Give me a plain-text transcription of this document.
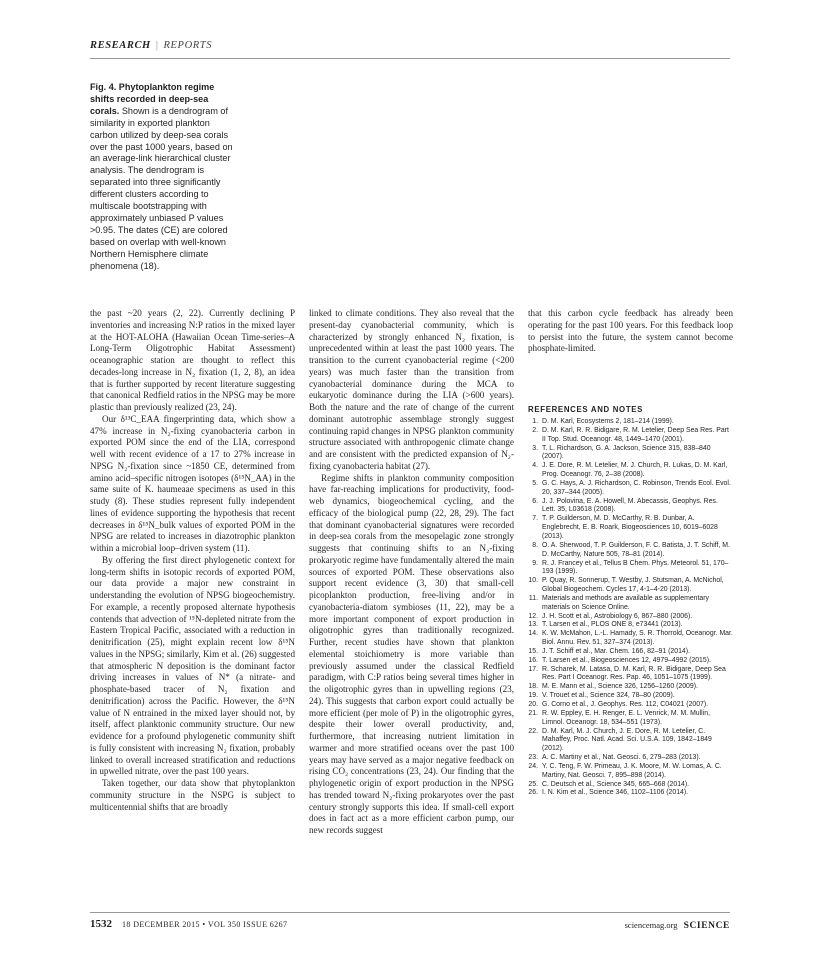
RESEARCH | REPORTS
Fig. 4. Phytoplankton regime shifts recorded in deep-sea corals. Shown is a dendrogram of similarity in exported plankton carbon utilized by deep-sea corals over the past 1000 years, based on an average-link hierarchical cluster analysis. The dendrogram is separated into three significantly different clusters according to multiscale bootstrapping with approximately unbiased P values >0.95. The dates (CE) are colored based on overlap with well-known Northern Hemisphere climate phenomena (18).

the past ~20 years (2, 22). Currently declining P inventories and increasing N:P ratios in the mixed layer at the HOT-ALOHA (Hawaiian Ocean Time-series–A Long-Term Oligotrophic Habitat Assessment) oceanographic station are thought to reflect this decades-long increase in N₂ fixation (1, 2, 8), an idea that is further supported by recent literature suggesting that canonical Redfield ratios in the NPSG may be more plastic than previously realized (23, 24).

Our δ¹³C_EAA fingerprinting data, which show a 47% increase in N₂-fixing cyanobacteria carbon in exported POM since the end of the LIA, correspond well with recent evidence of a 17 to 27% increase in NPSG N₂-fixation since ~1850 CE, determined from amino acid–specific nitrogen isotopes (δ¹⁵N_AA) in the same suite of K. haumeaae specimens as used in this study (8). These studies represent fully independent lines of evidence supporting the hypothesis that recent decreases in δ¹⁵N_bulk values of exported POM in the NPSG are related to increases in diazotrophic plankton within a microbial loop–driven system (11).

By offering the first direct phylogenetic context for long-term shifts in isotopic records of exported POM, our data provide a major new constraint in understanding the evolution of NPSG biogeochemistry. For example, a recently proposed alternate hypothesis contends that advection of ¹⁵N-depleted nitrate from the Eastern Tropical Pacific, associated with a reduction in denitrification (25), might explain recent low δ¹⁵N values in the NPSG; similarly, Kim et al. (26) suggested that atmospheric N deposition is the dominant factor driving increases in values of N* (a nitrate- and phosphate-based tracer of N₂ fixation and denitrification) across the Pacific. However, the δ¹⁵N value of N entrained in the mixed layer should not, by itself, affect planktonic community structure. Our new evidence for a profound phylogenetic community shift is fully consistent with increasing N₂ fixation, probably linked to overall increased stratification and reductions in upwelled nitrate, over the past 100 years.

Taken together, our data show that phytoplankton community structure in the NSPG is subject to multicentennial shifts that are broadly

linked to climate conditions. They also reveal that the present-day cyanobacterial community, which is characterized by strongly enhanced N₂ fixation, is unprecedented within at least the past 1000 years. The transition to the current cyanobacterial regime (<200 years) was much faster than the transition from cyanobacterial dominance during the MCA to eukaryotic dominance during the LIA (>600 years). Both the nature and the rate of change of the current dominant autotrophic assemblage strongly suggest continuing rapid changes in NPSG plankton community structure associated with anthropogenic climate change and are consistent with the predicted expansion of N₂-fixing cyanobacteria habitat (27).

Regime shifts in plankton community composition have far-reaching implications for productivity, food-web dynamics, biogeochemical cycling, and the efficacy of the biological pump (22, 28, 29). The fact that dominant cyanobacterial signatures were recorded in deep-sea corals from the mesopelagic zone strongly suggests that continuing shifts to an N₂-fixing prokaryotic regime have fundamentally altered the main sources of exported POM. These observations also support recent evidence (3, 30) that small-cell picoplankton production, free-living and/or in cyanobacteria-diatom symbioses (11, 22), may be a more important component of export production in oligotrophic gyres than traditionally recognized. Further, recent studies have shown that plankton elemental stoichiometry is more variable than previously assumed under the classical Redfield paradigm, with C:P ratios being several times higher in the oligotrophic gyres than in upwelling regions (23, 24). This suggests that carbon export could actually be more efficient (per mole of P) in the oligotrophic gyres, despite their lower overall productivity, and, furthermore, that increasing nutrient limitation in warmer and more stratified oceans over the past 100 years may have served as a major negative feedback on rising CO₂ concentrations (23, 24). Our finding that the phylogenetic origin of export production in the NPSG has trended toward N₂-fixing prokaryotes over the past century strongly supports this idea. If small-cell export does in fact act as a more efficient carbon pump, our new records suggest

that this carbon cycle feedback has already been operating for the past 100 years. For this feedback loop to persist into the future, the system cannot become phosphate-limited.

REFERENCES AND NOTES
1. D. M. Karl, Ecosystems 2, 181–214 (1999).
2. D. M. Karl, R. R. Bidigare, R. M. Letelier, Deep Sea Res. Part II Top. Stud. Oceanogr. 48, 1449–1470 (2001).
3. T. L. Richardson, G. A. Jackson, Science 315, 838–840 (2007).
4. J. E. Dore, R. M. Letelier, M. J. Church, R. Lukas, D. M. Karl, Prog. Oceanogr. 76, 2–38 (2008).
5. G. C. Hays, A. J. Richardson, C. Robinson, Trends Ecol. Evol. 20, 337–344 (2005).
6. J. J. Polovina, E. A. Howell, M. Abecassis, Geophys. Res. Lett. 35, L03618 (2008).
7. T. P. Guilderson, M. D. McCarthy, R. B. Dunbar, A. Englebrecht, E. B. Roark, Biogeosciences 10, 6019–6028 (2013).
8. O. A. Sherwood, T. P. Guilderson, F. C. Batista, J. T. Schiff, M. D. McCarthy, Nature 505, 78–81 (2014).
9. R. J. Francey et al., Tellus B Chem. Phys. Meteorol. 51, 170–193 (1999).
10. P. Quay, R. Sonnerup, T. Westby, J. Stutsman, A. McNichol, Global Biogeochem. Cycles 17, 4-1–4-20 (2013).
11. Materials and methods are available as supplementary materials on Science Online.
12. J. H. Scott et al., Astrobiology 6, 867–880 (2006).
13. T. Larsen et al., PLOS ONE 8, e73441 (2013).
14. K. W. McMahon, L.-L. Hamady, S. R. Thorrold, Oceanogr. Mar. Biol. Annu. Rev. 51, 327–374 (2013).
15. J. T. Schiff et al., Mar. Chem. 166, 82–91 (2014).
16. T. Larsen et al., Biogeosciences 12, 4979–4992 (2015).
17. R. Scharek, M. Latasa, D. M. Karl, R. R. Bidigare, Deep Sea Res. Part I Oceanogr. Res. Pap. 46, 1051–1075 (1999).
18. M. E. Mann et al., Science 326, 1256–1260 (2009).
19. V. Trouet et al., Science 324, 78–80 (2009).
20. G. Corno et al., J. Geophys. Res. 112, C04021 (2007).
21. R. W. Eppley, E. H. Renger, E. L. Venrick, M. M. Mullin, Limnol. Oceanogr. 18, 534–551 (1973).
22. D. M. Karl, M. J. Church, J. E. Dore, R. M. Letelier, C. Mahaffey, Proc. Natl. Acad. Sci. U.S.A. 109, 1842–1849 (2012).
23. A. C. Martiny et al., Nat. Geosci. 6, 279–283 (2013).
24. Y. C. Teng, F. W. Primeau, J. K. Moore, M. W. Lomas, A. C. Martiny, Nat. Geosci. 7, 895–898 (2014).
25. C. Deutsch et al., Science 345, 665–668 (2014).
26. I. N. Kim et al., Science 346, 1102–1106 (2014).
1532 18 DECEMBER 2015 • VOL 350 ISSUE 6267	sciencemag.org SCIENCE
